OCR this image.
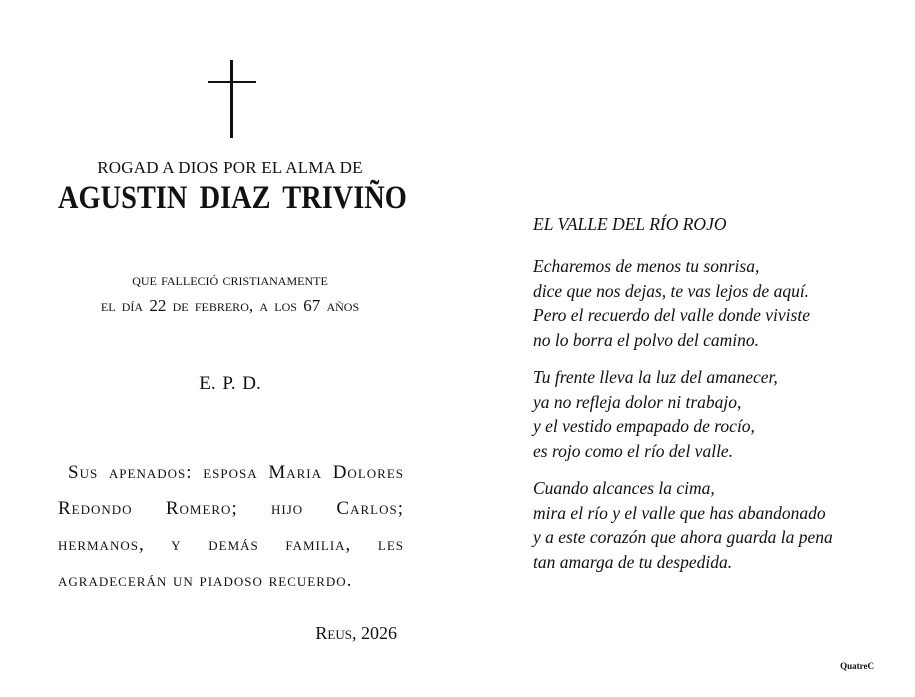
ROGAD A DIOS POR EL ALMA DE
AGUSTIN DIAZ TRIVIÑO
que falleció cristianamente
el día 22 de febrero, a los 67 años
E. P. D.
Sus apenados: esposa Maria Dolores
Redondo Romero; hijo Carlos;
hermanos, y demás familia, les
agradecerán un piadoso recuerdo.
Reus, 2026
EL VALLE DEL RÍO ROJO
Echaremos de menos tu sonrisa,
dice que nos dejas, te vas lejos de aquí.
Pero el recuerdo del valle donde viviste
no lo borra el polvo del camino.
Tu frente lleva la luz del amanecer,
ya no refleja dolor ni trabajo,
y el vestido empapado de rocío,
es rojo como el río del valle.
Cuando alcances la cima,
mira el río y el valle que has abandonado
y a este corazón que ahora guarda la pena
tan amarga de tu despedida.
QuatreC
